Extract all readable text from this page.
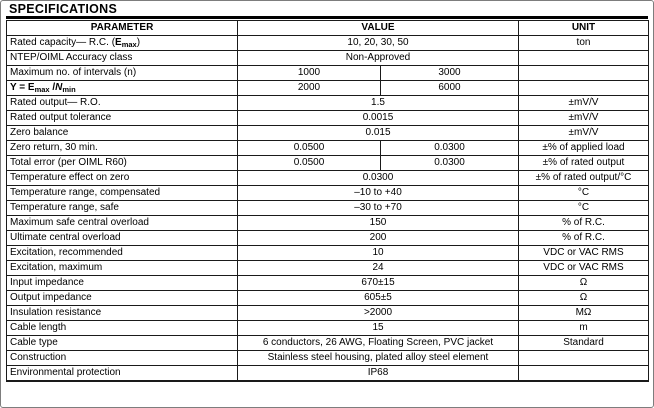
SPECIFICATIONS
PARAMETER	VALUE		UNIT
Rated capacity— R.C. $(E_{max})$	10, 20, 30, 50		ton
NTEP/OIML Accuracy class	Non-Approved		
Maximum no. of intervals (n)	1000	3000	
$Y = E_{max}$ $/N_{min}$	2000	6000	
Rated output— R.O.	1.5		±mV/V
Rated output tolerance	0.0015		±mV/V
Zero balance	0.015		±mV/V
Zero return, 30 min.	0.0500	0.0300	±% of applied load
Total error (per OIML R60)	0.0500	0.0300	±% of rated output
Temperature effect on zero	0.0300		±% of rated output/°C
Temperature range, compensated	–10 to +40		°C
Temperature range, safe	–30 to +70		°C
Maximum safe central overload	150		% of R.C.
Ultimate central overload	200		% of R.C.
Excitation, recommended	10		VDC or VAC RMS
Excitation, maximum	24		VDC or VAC RMS
Input impedance	670±15		Ω
Output impedance	605±5		Ω
Insulation resistance	>2000		MΩ
Cable length	15		m
Cable type	6 conductors, 26 AWG, Floating Screen, PVC jacket		Standard
Construction	Stainless steel housing, plated alloy steel element		
Environmental protection	IP68		
